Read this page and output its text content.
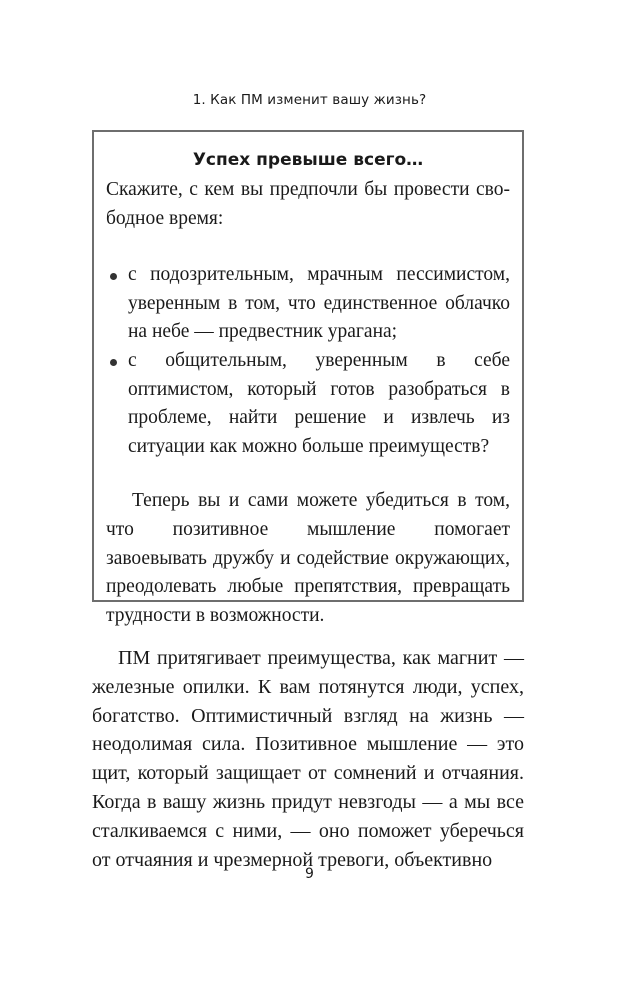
1. Как ПМ изменит вашу жизнь?
Успех превыше всего…

Скажите, с кем вы предпочли бы провести свободное время:

с подозрительным, мрачным пессимистом, уверенным в том, что единственное облачко на небе — предвестник урагана;
с общительным, уверенным в себе оптимистом, который готов разобраться в проблеме, найти решение и извлечь из ситуации как можно больше преимуществ?

Теперь вы и сами можете убедиться в том, что позитивное мышление помогает завоевывать дружбу и содействие окружающих, преодолевать любые препятствия, превращать трудности в возможности.

ПМ притягивает преимущества, как магнит — железные опилки. К вам потянутся люди, успех, богатство. Оптимистичный взгляд на жизнь — неодолимая сила. Позитивное мышление — это щит, который защищает от сомнений и отчаяния. Когда в вашу жизнь придут невзгоды — а мы все сталкиваемся с ними, — оно поможет уберечься от отчаяния и чрезмерной тревоги, объективно

9
